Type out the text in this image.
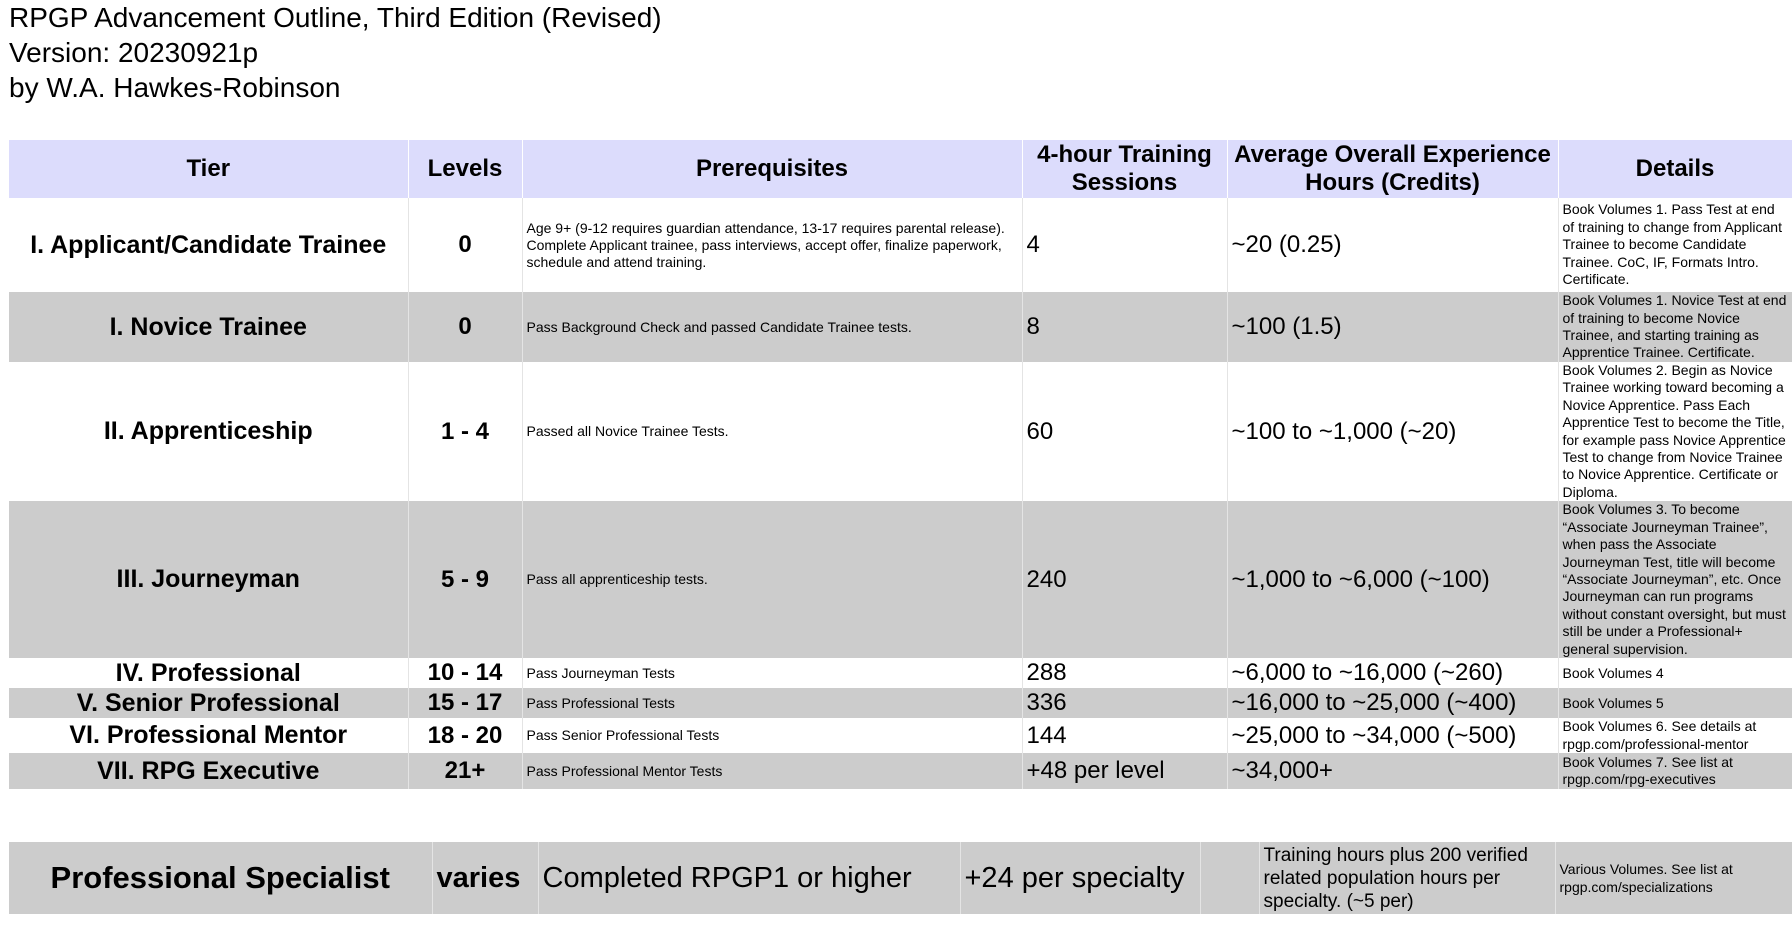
RPGP Advancement Outline, Third Edition (Revised)
Version: 20230921p
by W.A. Hawkes-Robinson
Tier	Levels	Prerequisites	4-hour Training Sessions	Average Overall Experience Hours (Credits)	Details
I. Applicant/Candidate Trainee	0	Age 9+ (9-12 requires guardian attendance, 13-17 requires parental release). Complete Applicant trainee, pass interviews, accept offer, finalize paperwork, schedule and attend training.	4	~20 (0.25)	Book Volumes 1. Pass Test at end of training to change from Applicant Trainee to become Candidate Trainee. CoC, IF, Formats Intro. Certificate.
I. Novice Trainee	0	Pass Background Check and passed Candidate Trainee tests.	8	~100 (1.5)	Book Volumes 1. Novice Test at end of training to become Novice Trainee, and starting training as Apprentice Trainee. Certificate.
II. Apprenticeship	1 - 4	Passed all Novice Trainee Tests.	60	~100 to ~1,000 (~20)	Book Volumes 2. Begin as Novice Trainee working toward becoming a Novice Apprentice. Pass Each Apprentice Test to become the Title, for example pass Novice Apprentice Test to change from Novice Trainee to Novice Apprentice. Certificate or Diploma.
III. Journeyman	5 - 9	Pass all apprenticeship tests.	240	~1,000 to ~6,000 (~100)	Book Volumes 3. To become “Associate Journeyman Trainee”, when pass the Associate Journeyman Test, title will become “Associate Journeyman”, etc. Once Journeyman can run programs without constant oversight, but must still be under a Professional+ general supervision.
IV. Professional	10 - 14	Pass Journeyman Tests	288	~6,000 to ~16,000 (~260)	Book Volumes 4
V. Senior Professional	15 - 17	Pass Professional Tests	336	~16,000 to ~25,000 (~400)	Book Volumes 5
VI. Professional Mentor	18 - 20	Pass Senior Professional Tests	144	~25,000 to ~34,000 (~500)	Book Volumes 6. See details at rpgp.com/professional-mentor
VII. RPG Executive	21+	Pass Professional Mentor Tests	+48 per level	~34,000+	Book Volumes 7. See list at rpgp.com/rpg-executives
Professional Specialist	varies	Completed RPGP1 or higher	+24 per specialty		Training hours plus 200 verified related population hours per specialty. (~5 per)	Various Volumes. See list at rpgp.com/specializations
